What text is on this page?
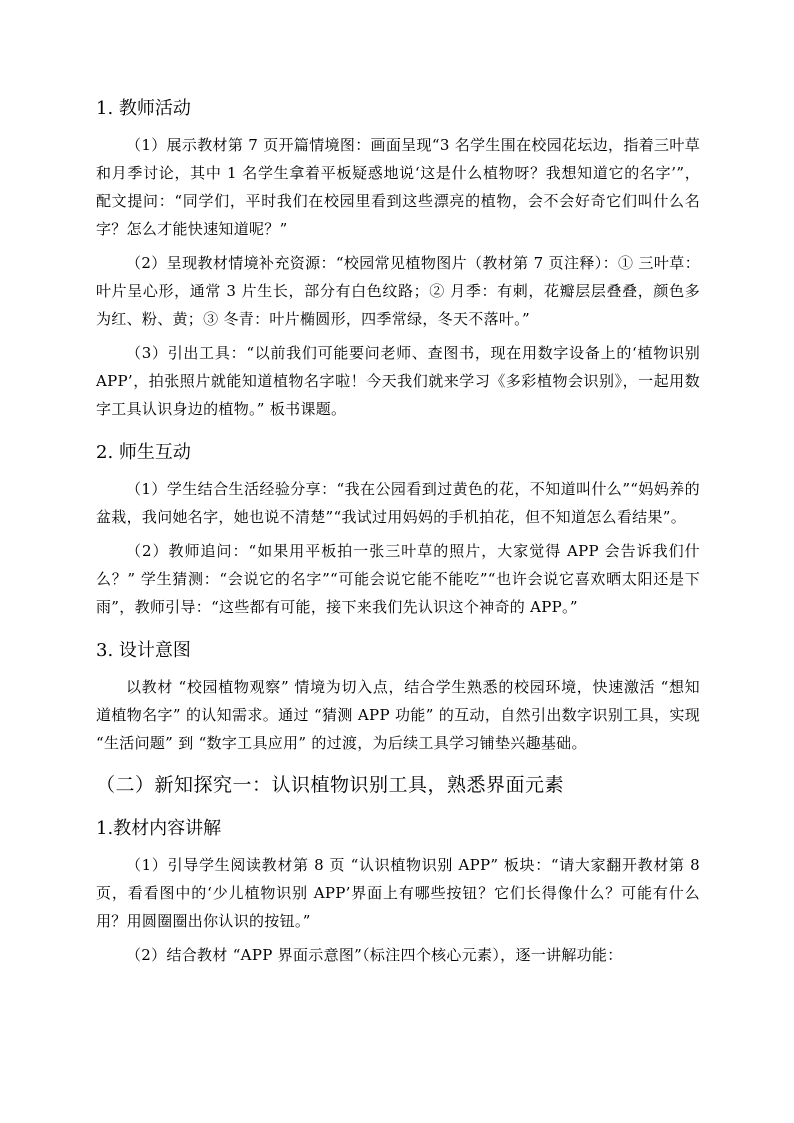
1. 教师活动
（1）展示教材第 7 页开篇情境图：画面呈现“3 名学生围在校园花坛边，指着三叶草和月季讨论，其中 1 名学生拿着平板疑惑地说‘这是什么植物呀？我想知道它的名字’”，配文提问：“同学们，平时我们在校园里看到这些漂亮的植物，会不会好奇它们叫什么名字？怎么才能快速知道呢？”
（2）呈现教材情境补充资源：“校园常见植物图片（教材第 7 页注释）：① 三叶草：叶片呈心形，通常 3 片生长，部分有白色纹路；② 月季：有刺，花瓣层层叠叠，颜色多为红、粉、黄；③ 冬青：叶片椭圆形，四季常绿，冬天不落叶。”
（3）引出工具：“以前我们可能要问老师、查图书，现在用数字设备上的‘植物识别 APP’，拍张照片就能知道植物名字啦！今天我们就来学习《多彩植物会识别》，一起用数字工具认识身边的植物。” 板书课题。
2. 师生互动
（1）学生结合生活经验分享：“我在公园看到过黄色的花，不知道叫什么”“妈妈养的盆栽，我问她名字，她也说不清楚”“我试过用妈妈的手机拍花，但不知道怎么看结果”。
（2）教师追问：“如果用平板拍一张三叶草的照片，大家觉得 APP 会告诉我们什么？” 学生猜测：“会说它的名字”“可能会说它能不能吃”“也许会说它喜欢晒太阳还是下雨”，教师引导：“这些都有可能，接下来我们先认识这个神奇的 APP。”
3. 设计意图
以教材 “校园植物观察” 情境为切入点，结合学生熟悉的校园环境，快速激活 “想知道植物名字” 的认知需求。通过 “猜测 APP 功能” 的互动，自然引出数字识别工具，实现 “生活问题” 到 “数字工具应用” 的过渡，为后续工具学习铺垫兴趣基础。
（二）新知探究一：认识植物识别工具，熟悉界面元素
1.教材内容讲解
（1）引导学生阅读教材第 8 页 “认识植物识别 APP” 板块：“请大家翻开教材第 8 页，看看图中的‘少儿植物识别 APP’界面上有哪些按钮？它们长得像什么？可能有什么用？用圆圈圈出你认识的按钮。”
（2）结合教材 “APP 界面示意图”（标注四个核心元素），逐一讲解功能：
